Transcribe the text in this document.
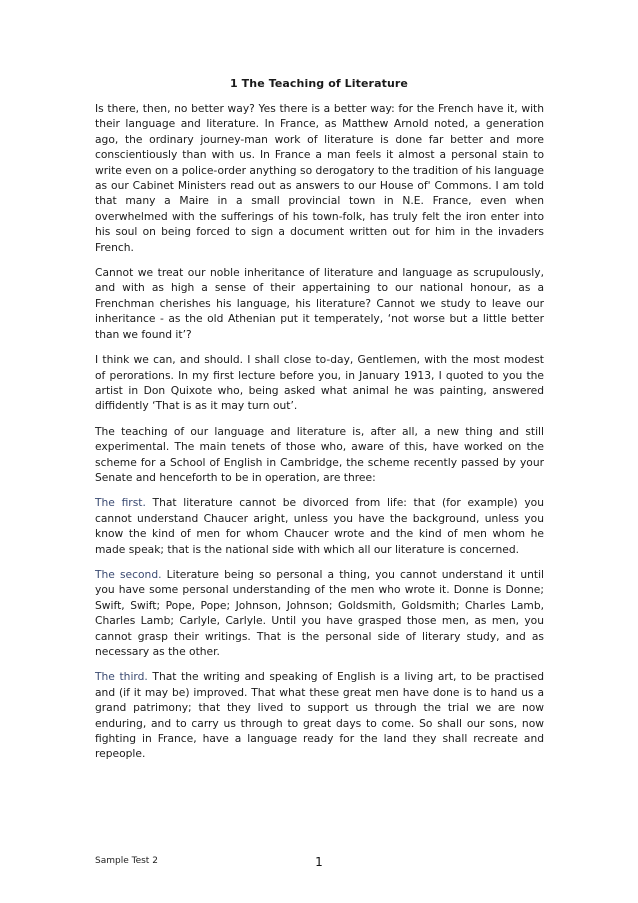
1 The Teaching of Literature

Is there, then, no better way? Yes there is a better way: for the French have it, with their language and literature. In France, as Matthew Arnold noted, a generation ago, the ordinary journey-man work of literature is done far better and more conscientiously than with us. In France a man feels it almost a personal stain to write even on a police-order anything so derogatory to the tradition of his language as our Cabinet Ministers read out as answers to our House of' Commons. I am told that many a Maire in a small provincial town in N.E. France, even when overwhelmed with the sufferings of his town-folk, has truly felt the iron enter into his soul on being forced to sign a document written out for him in the invaders French.

Cannot we treat our noble inheritance of literature and language as scrupulously, and with as high a sense of their appertaining to our national honour, as a Frenchman cherishes his language, his literature? Cannot we study to leave our inheritance - as the old Athenian put it temperately, ‘not worse but a little better than we found it’?

I think we can, and should. I shall close to-day, Gentlemen, with the most modest of perorations. In my first lecture before you, in January 1913, I quoted to you the artist in Don Quixote who, being asked what animal he was painting, answered diffidently ‘That is as it may turn out’.

The teaching of our language and literature is, after all, a new thing and still experimental. The main tenets of those who, aware of this, have worked on the scheme for a School of English in Cambridge, the scheme recently passed by your Senate and henceforth to be in operation, are three:

The first. That literature cannot be divorced from life: that (for example) you cannot understand Chaucer aright, unless you have the background, unless you know the kind of men for whom Chaucer wrote and the kind of men whom he made speak; that is the national side with which all our literature is concerned.

The second. Literature being so personal a thing, you cannot understand it until you have some personal understanding of the men who wrote it. Donne is Donne; Swift, Swift; Pope, Pope; Johnson, Johnson; Goldsmith, Goldsmith; Charles Lamb, Charles Lamb; Carlyle, Carlyle. Until you have grasped those men, as men, you cannot grasp their writings. That is the personal side of literary study, and as necessary as the other.

The third. That the writing and speaking of English is a living art, to be practised and (if it may be) improved. That what these great men have done is to hand us a grand patrimony; that they lived to support us through the trial we are now enduring, and to carry us through to great days to come. So shall our sons, now fighting in France, have a language ready for the land they shall recreate and repeople.

Sample Test 2	1
